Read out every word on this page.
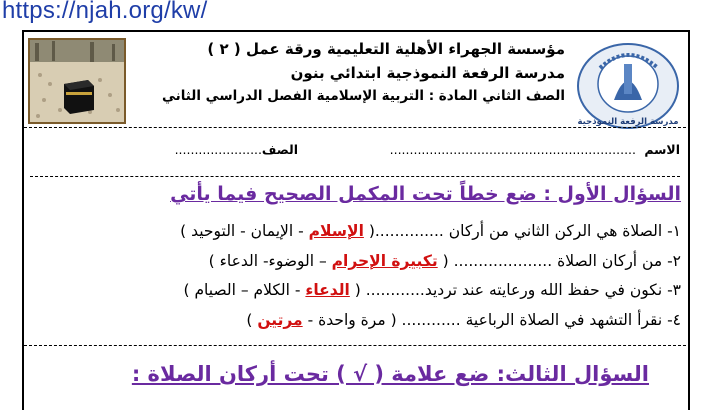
https://njah.org/kw/
مدرسة الرفعة النموذجية
مؤسسة الجهراء الأهلية التعليمية ورقة عمل ( ٢ )
مدرسة الرفعة النموذجية ابتدائي بنون
الصف الثاني المادة : التربية الإسلامية الفصل الدراسي الثاني
الاسم
..............................................................
الصف
......................
السؤال الأول : ضع خطاً تحت المكمل الصحيح فيما يأتي
١- الصلاة هي الركن الثاني من أركان ..............( الإسلام - الإيمان - التوحيد )
٢- من أركان الصلاة .................... ( تكبيرة الإحرام – الوضوء- الدعاء )
٣- نكون في حفظ الله ورعايته عند ترديد............ ( الدعاء - الكلام – الصيام )
٤- نقرأ التشهد في الصلاة الرباعية ............ ( مرة واحدة - مرتين )
السؤال الثالث: ضع علامة ( √ ) تحت أركان الصلاة :
